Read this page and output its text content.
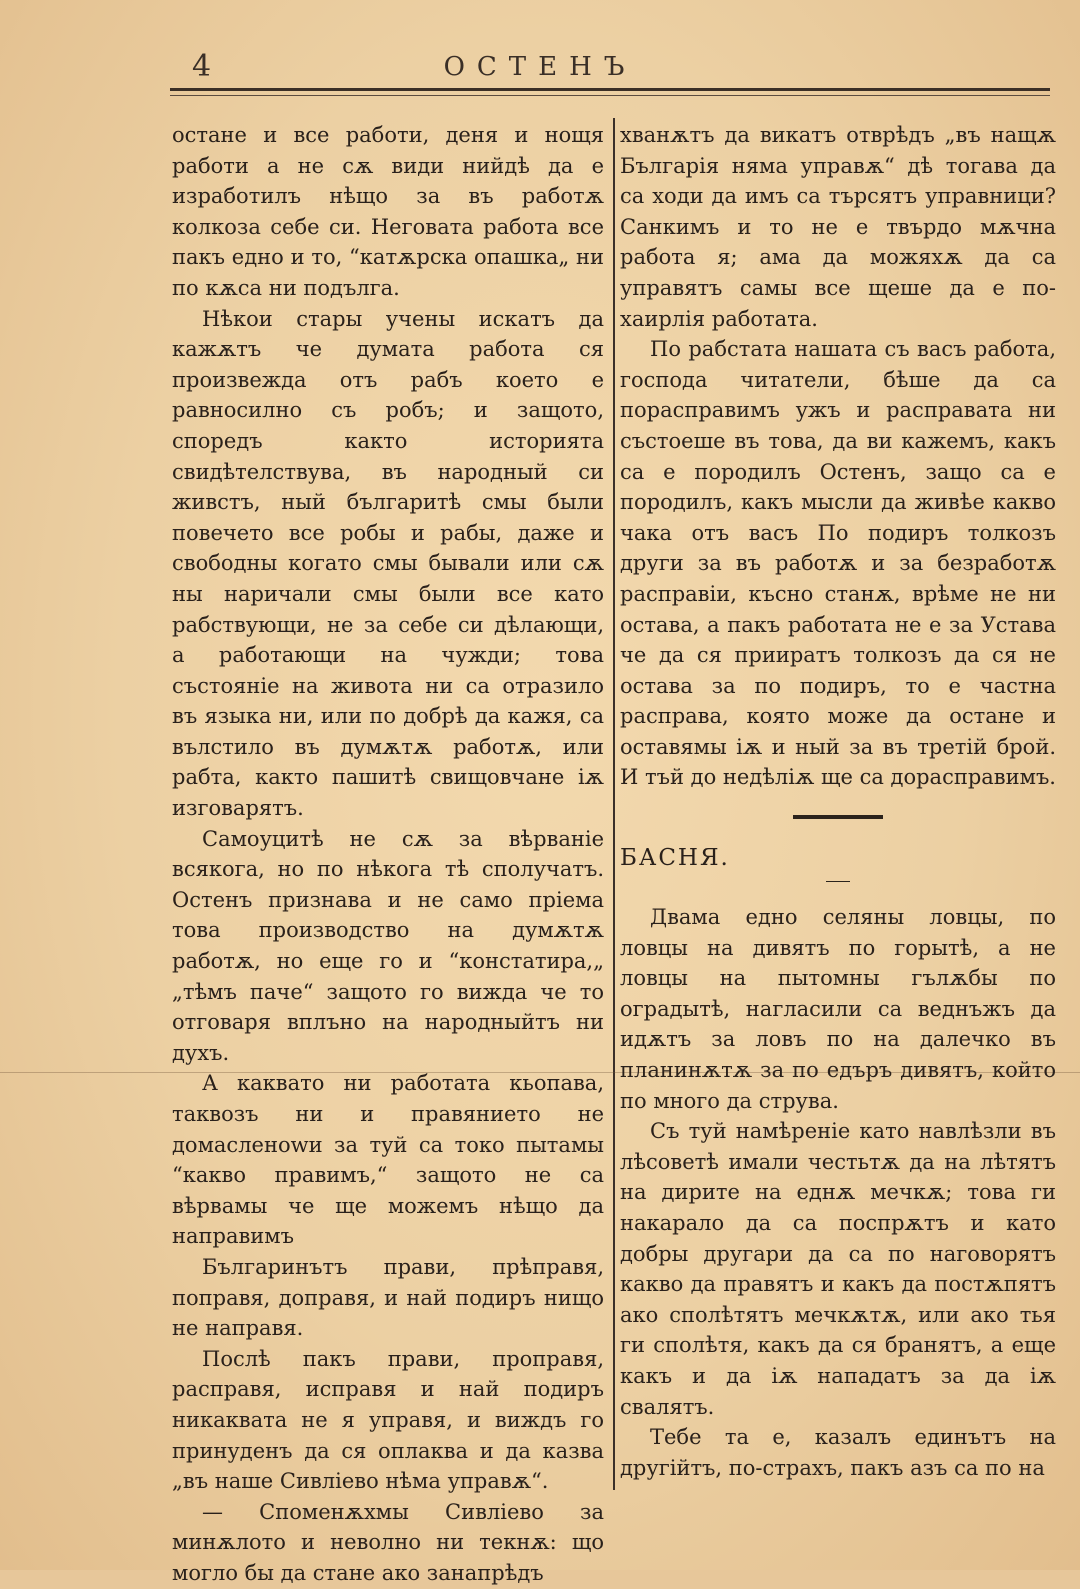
4	ОСТЕНЪ

остане и все работи, деня и нощя работи а не сѫ види нийдѣ да е изработилъ нѣщо за въ работѫ колкоза себе си. Неговата работа все пакъ едно и то, “катѫрска опашка„ ни по кѫса ни подълга.

Нѣкои стары учены искатъ да кажѫтъ че думата работа ся произвежда отъ рабъ което е равносилно съ робъ; и защото, споредъ както историята свидѣтелствува, въ народный си живстъ, ный българитѣ смы были повечето все робы и рабы, даже и свободны когато смы бывали или сѫ ны наричали смы были все като рабствующи, не за себе си дѣлающи, а работающи на чужди; това състояніе на живота ни са отразило въ языка ни, или по добрѣ да кажя, са вълстило въ думѫтѫ работѫ, или рабта, както пашитѣ свищовчане iѫ изговарятъ.

Самоуцитѣ не сѫ за вѣрваніе всякога, но по нѣкога тѣ сполучатъ. Остенъ признава и не само пріема това производство на думѫтѫ работѫ, но еще го и “констатира,„ „тѣмъ паче“ защото го вижда че то отговаря вплъно на народныйтъ ни духъ.

А каквато ни работата кьопава, таквозъ ни и правянието не домасленоwи за туй са токо пытамы “какво правимъ,“ защото не са вѣрвамы че ще можемъ нѣщо да направимъ

Българинътъ прави, прѣправя, поправя, доправя, и най подиръ нищо не направя.

Послѣ пакъ прави, проправя, расправя, исправя и най подиръ никаквата не я управя, и виждъ го принуденъ да ся оплаква и да казва „въ наше Сивліево нѣма управѫ“.

— Споменѫхмы Сивліево за минѫлото и неволно ни текнѫ: що могло бы да стане ако занапрѣдъ

хванѫтъ да викатъ отврѣдъ „въ нащѫ Българія нямa управѫ“ дѣ тогава да са ходи да имъ са търсятъ управници? Санкимъ и то не е твърдо мѫчна работа я; ама да можяхѫ да са управятъ самы все щеше да е по-хаирлія работата.

По рабстата нашата съ васъ работа, господа читатели, бѣше да са порасправимъ ужъ и расправата ни състоеше въ това, да ви кажемъ, какъ са е породилъ Остенъ, защо са е породилъ, какъ мысли да живѣе какво чака отъ васъ По подиръ толкозъ други за въ работѫ и за безработѫ расправіи, късно станѫ, врѣме не ни остава, а пакъ работата не е за Устава че да ся прииратъ толкозъ да ся не остава за по подиръ, то е частна расправа, която може да остане и оставямы iѫ и ный за въ третій брой. И тъй до недѣлiѫ ще са дорасправимъ.

БАСНЯ.

Двама едно селяны ловцы, по ловцы на дивятъ по горытѣ, а не ловцы на пытомны гълѫбы по оградытѣ, нагласили са веднъжъ да идѫтъ за ловъ по на далечко въ планинѫтѫ за по едъръ дивятъ, който по много да струва.

Съ туй намѣреніе като навлѣзли въ лѣсоветѣ имали честьтѫ да на лѣтятъ на дирите на еднѫ мечкѫ; това ги накарало да са поспрѫтъ и като добры другари да са по наговорятъ какво да правятъ и какъ да постѫпятъ ако сполѣтятъ мечкѫтѫ, или ако тья ги сполѣтя, какъ да ся бранятъ, а еще какъ и да iѫ нападатъ за да iѫ свалятъ.

Тебе та е, казалъ единътъ на другійтъ, по-страхъ, пакъ азъ са по на
